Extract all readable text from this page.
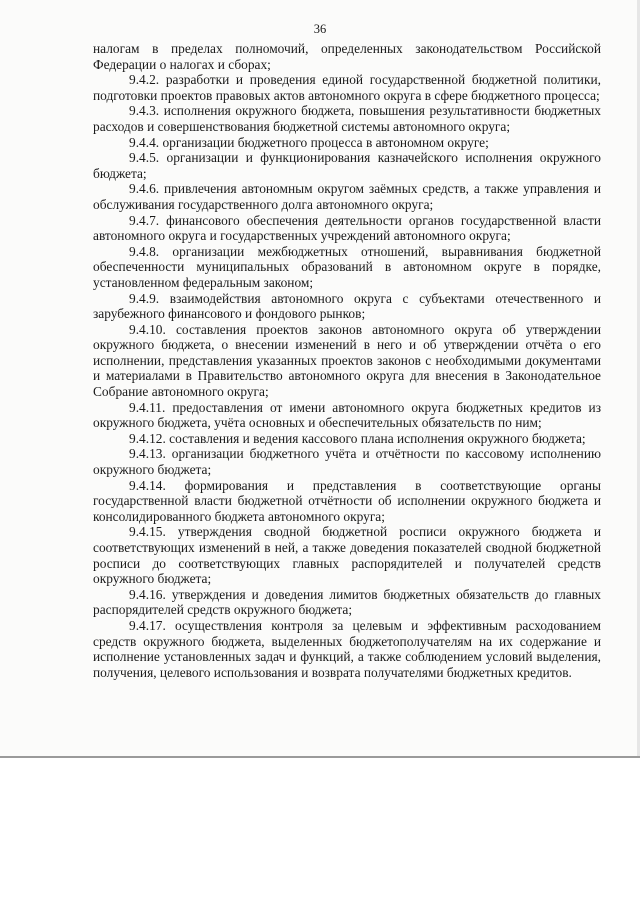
36

налогам в пределах полномочий, определенных законодательством Российской Федерации о налогах и сборах;

9.4.2. разработки и проведения единой государственной бюджетной политики, подготовки проектов правовых актов автономного округа в сфере бюджетного процесса;

9.4.3. исполнения окружного бюджета, повышения результативности бюджетных расходов и совершенствования бюджетной системы автономного округа;

9.4.4. организации бюджетного процесса в автономном округе;

9.4.5. организации и функционирования казначейского исполнения окружного бюджета;

9.4.6. привлечения автономным округом заёмных средств, а также управления и обслуживания государственного долга автономного округа;

9.4.7. финансового обеспечения деятельности органов государственной власти автономного округа и государственных учреждений автономного округа;

9.4.8. организации межбюджетных отношений, выравнивания бюджетной обеспеченности муниципальных образований в автономном округе в порядке, установленном федеральным законом;

9.4.9. взаимодействия автономного округа с субъектами отечественного и зарубежного финансового и фондового рынков;

9.4.10. составления проектов законов автономного округа об утверждении окружного бюджета, о внесении изменений в него и об утверждении отчёта о его исполнении, представления указанных проектов законов с необходимыми документами и материалами в Правительство автономного округа для внесения в Законодательное Собрание автономного округа;

9.4.11. предоставления от имени автономного округа бюджетных кредитов из окружного бюджета, учёта основных и обеспечительных обязательств по ним;

9.4.12. составления и ведения кассового плана исполнения окружного бюджета;

9.4.13. организации бюджетного учёта и отчётности по кассовому исполнению окружного бюджета;

9.4.14. формирования и представления в соответствующие органы государственной власти бюджетной отчётности об исполнении окружного бюджета и консолидированного бюджета автономного округа;

9.4.15. утверждения сводной бюджетной росписи окружного бюджета и соответствующих изменений в ней, а также доведения показателей сводной бюджетной росписи до соответствующих главных распорядителей и получателей средств окружного бюджета;

9.4.16. утверждения и доведения лимитов бюджетных обязательств до главных распорядителей средств окружного бюджета;

9.4.17. осуществления контроля за целевым и эффективным расходованием средств окружного бюджета, выделенных бюджетополучателям на их содержание и исполнение установленных задач и функций, а также соблюдением условий выделения, получения, целевого использования и возврата получателями бюджетных кредитов.
